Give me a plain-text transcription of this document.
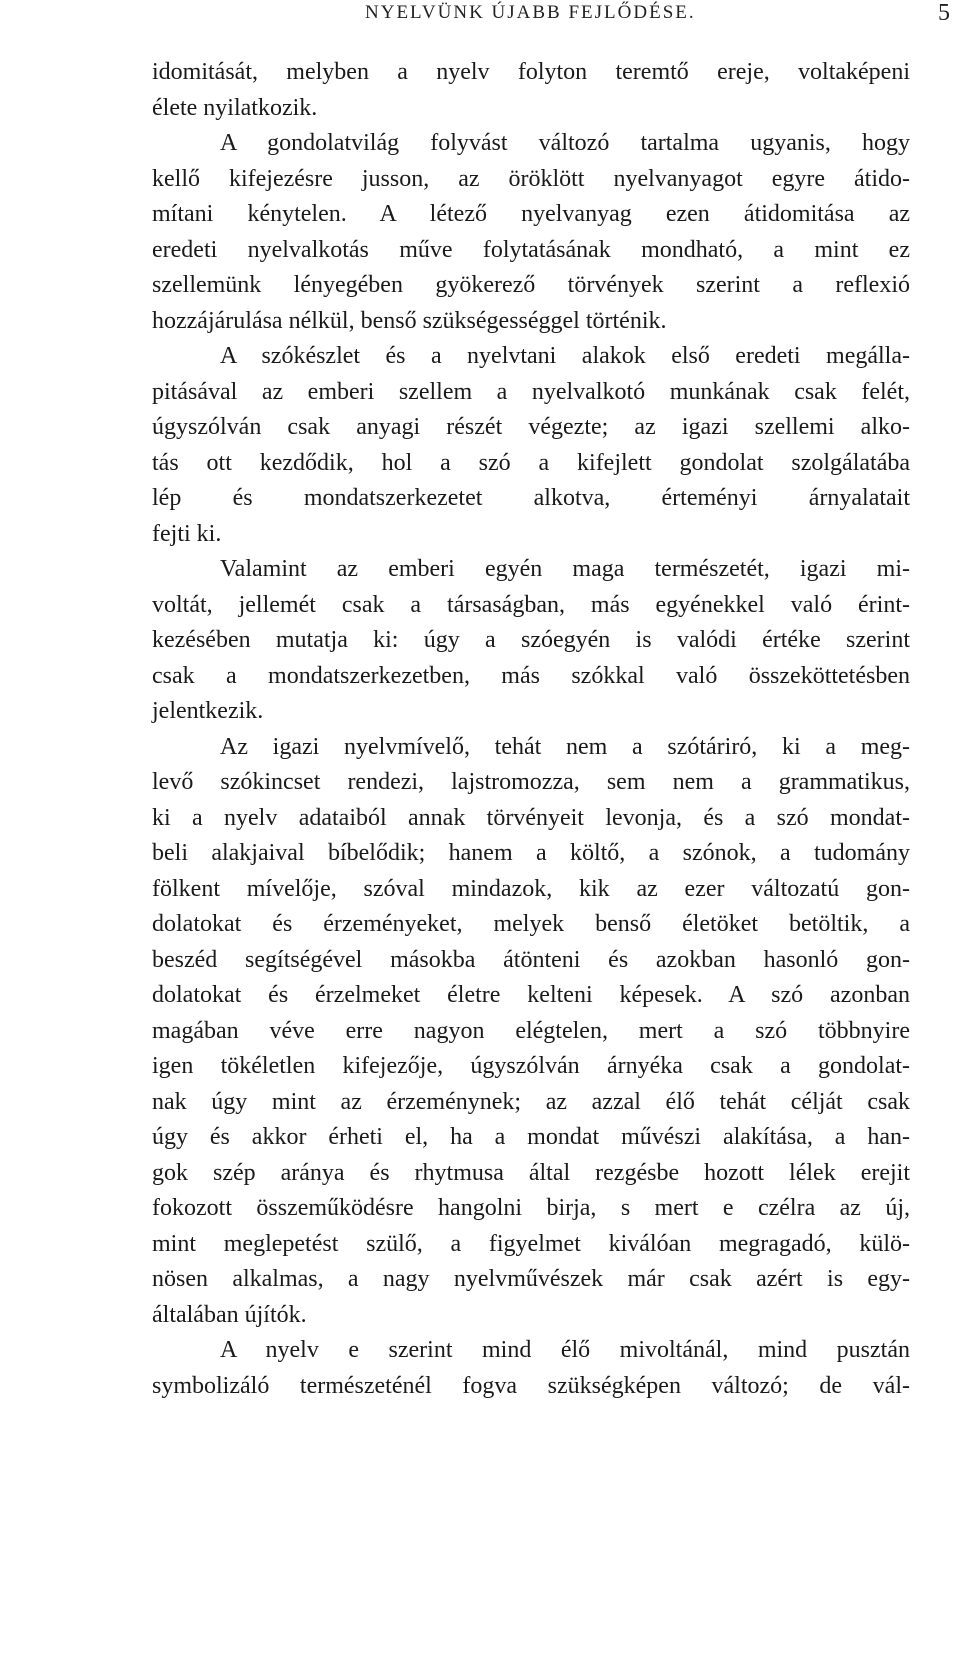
NYELVÜNK ÚJABB FEJLŐDÉSE.	5
idomitását, melyben a nyelv folyton teremtő ereje, voltaképeni
élete nyilatkozik.
A gondolatvilág folyvást változó tartalma ugyanis, hogy
kellő kifejezésre jusson, az öröklött nyelvanyagot egyre átido-
mítani kénytelen. A létező nyelvanyag ezen átidomitása az
eredeti nyelvalkotás műve folytatásának mondható, a mint ez
szellemünk lényegében gyökerező törvények szerint a reflexió
hozzájárulása nélkül, benső szükségességgel történik.
A szókészlet és a nyelvtani alakok első eredeti megálla-
pitásával az emberi szellem a nyelvalkotó munkának csak felét,
úgyszólván csak anyagi részét végezte; az igazi szellemi alko-
tás ott kezdődik, hol a szó a kifejlett gondolat szolgálatába
lép és mondatszerkezetet alkotva, érteményi árnyalatait
fejti ki.
Valamint az emberi egyén maga természetét, igazi mi-
voltát, jellemét csak a társaságban, más egyénekkel való érint-
kezésében mutatja ki: úgy a szóegyén is valódi értéke szerint
csak a mondatszerkezetben, más szókkal való összeköttetésben
jelentkezik.
Az igazi nyelvmívelő, tehát nem a szótáriró, ki a meg-
levő szókincset rendezi, lajstromozza, sem nem a grammatikus,
ki a nyelv adataiból annak törvényeit levonja, és a szó mondat-
beli alakjaival bíbelődik; hanem a költő, a szónok, a tudomány
fölkent mívelője, szóval mindazok, kik az ezer változatú gon-
dolatokat és érzeményeket, melyek benső életöket betöltik, a
beszéd segítségével másokba átönteni és azokban hasonló gon-
dolatokat és érzelmeket életre kelteni képesek. A szó azonban
magában véve erre nagyon elégtelen, mert a szó többnyire
igen tökéletlen kifejezője, úgyszólván árnyéka csak a gondolat-
nak úgy mint az érzeménynek; az azzal élő tehát célját csak
úgy és akkor érheti el, ha a mondat művészi alakítása, a han-
gok szép aránya és rhytmusa által rezgésbe hozott lélek erejit
fokozott összeműködésre hangolni birja, s mert e czélra az új,
mint meglepetést szülő, a figyelmet kiválóan megragadó, külö-
nösen alkalmas, a nagy nyelvművészek már csak azért is egy-
általában újítók.
A nyelv e szerint mind élő mivoltánál, mind pusztán
symbolizáló természeténél fogva szükségképen változó; de vál-
